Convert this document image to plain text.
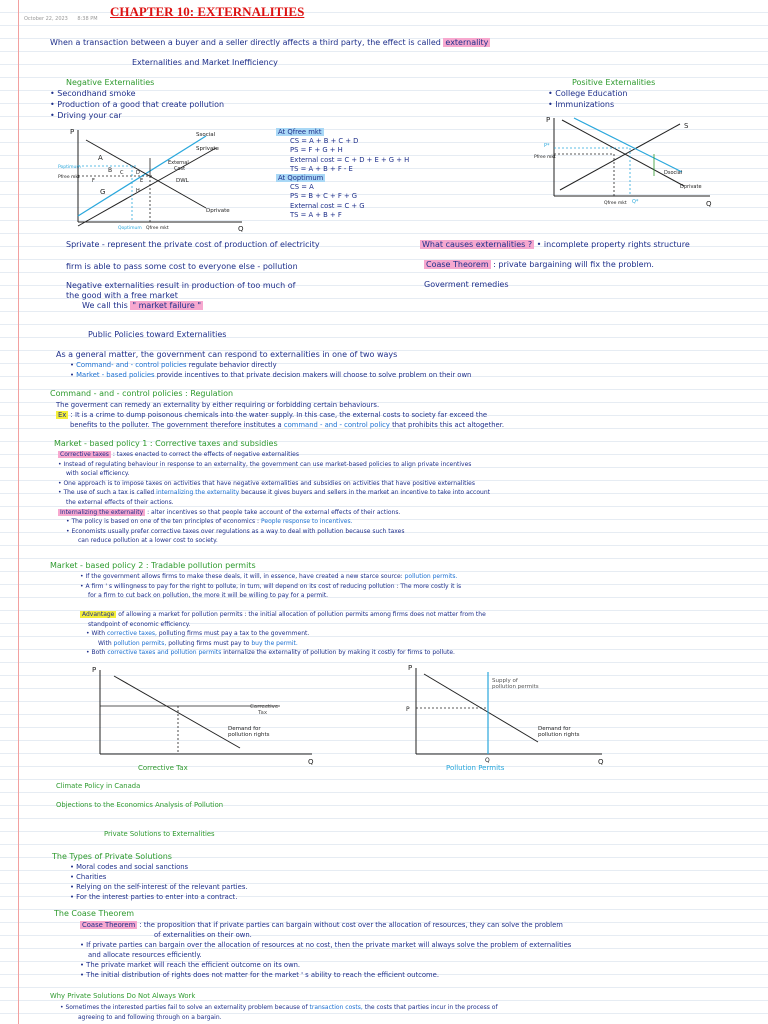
CHAPTER 10: EXTERNALITIES
October 22, 2023 8:38 PM
When a transaction between a buyer and a seller directly affects a third party, the effect is called externality
Externalities and Market Inefficiency
Negative Externalities
• Secondhand smoke
• Production of a good that create pollution
• Driving your car
Positive Externalities
• College Education
• Immunizations
P
Q
Ssocial
Sprivate
External
Cost
DWL
Dprivate
A
B C	D
E
F
G	H
Poptimum
Pfree mkt
Qoptimum Qfree mkt
At Qfree mkt
CS = A + B + C + D
PS = F + G + H
External cost = C + D + E + G + H
TS = A + B + F - E
At Qoptimum
CS = A
PS = B + C + F + G
External cost = C + G
TS = A + B + F
P
Q
S
P*
Pfree mkt
Dsocial
Dprivate
Qfree mkt Q*
Sprivate - represent the private cost of production of electricity
firm is able to pass some cost to everyone else - pollution
Negative externalities result in production of too much of
the good with a free market
We call this " market failure "
What causes externalities ? • incomplete property rights structure
Coase Theorem : private bargaining will fix the problem.
Goverment remedies
Public Policies toward Externalities
As a general matter, the government can respond to externalities in one of two ways
• Command- and - control policies regulate behavior directly
• Market - based policies provide incentives to that private decision makers will choose to solve problem on their own
Command - and - control policies : Regulation
The goverment can remedy an externality by either requiring or forbidding certain behaviours.
Ex : It is a crime to dump poisonous chemicals into the water supply. In this case, the external costs to society far exceed the
benefits to the polluter. The government therefore institutes a command - and - control policy that prohibits this act altogether.
Market - based policy 1 : Corrective taxes and subsidies
Corrective taxes : taxes enacted to correct the effects of negative externalities
• Instead of regulating behaviour in response to an externality, the government can use market-based policies to align private incentives
with social efficiency.
• One approach is to impose taxes on activities that have negative externalities and subsidies on activities that have positive externalities
• The use of such a tax is called internalizing the externality because it gives buyers and sellers in the market an incentive to take into account
the external effects of their actions.
Internalizing the externality : alter incentives so that people take account of the external effects of their actions.
• The policy is based on one of the ten principles of economics : People response to incentives.
• Economists usually prefer corrective taxes over regulations as a way to deal with pollution because such taxes
can reduce pollution at a lower cost to society.
Market - based policy 2 : Tradable pollution permits
• If the government allows firms to make these deals, it will, in essence, have created a new starce source: pollution permits.
• A firm ' s willingness to pay for the right to pollute, in turn, will depend on its cost of reducing pollution : The more costly it is
for a firm to cut back on pollution, the more it will be willing to pay for a permit.
Advantage of allowing a market for pollution permits : the initial allocation of pollution permits among firms does not matter from the
standpoint of economic efficiency.
• With corrective taxes, polluting firms must pay a tax to the government.
With pollution permits, polluting firms must pay to buy the permit.
• Both corrective taxes and pollution permits internalize the externality of pollution by making it costly for firms to pollute.
P
Q
Corrective
Tax
Demand for
pollution rights
Corrective Tax
P
P
Q
Supply of
pollution permits
Demand for
pollution rights
Q
Pollution Permits
Climate Policy in Canada
Objections to the Economics Analysis of Pollution
Private Solutions to Externalities
The Types of Private Solutions
• Moral codes and social sanctions
• Charities
• Relying on the self-interest of the relevant parties.
• For the interest parties to enter into a contract.
The Coase Theorem
Coase Theorem : the proposition that if private parties can bargain without cost over the allocation of resources, they can solve the problem
of externalities on their own.
• If private parties can bargain over the allocation of resources at no cost, then the private market will always solve the problem of externalities
and allocate resources efficiently.
• The private market will reach the efficient outcome on its own.
• The initial distribution of rights does not matter for the market ' s ability to reach the efficient outcome.
Why Private Solutions Do Not Always Work
• Sometimes the interested parties fail to solve an externality problem because of transaction costs, the costs that parties incur in the process of
agreeing to and following through on a bargain.
